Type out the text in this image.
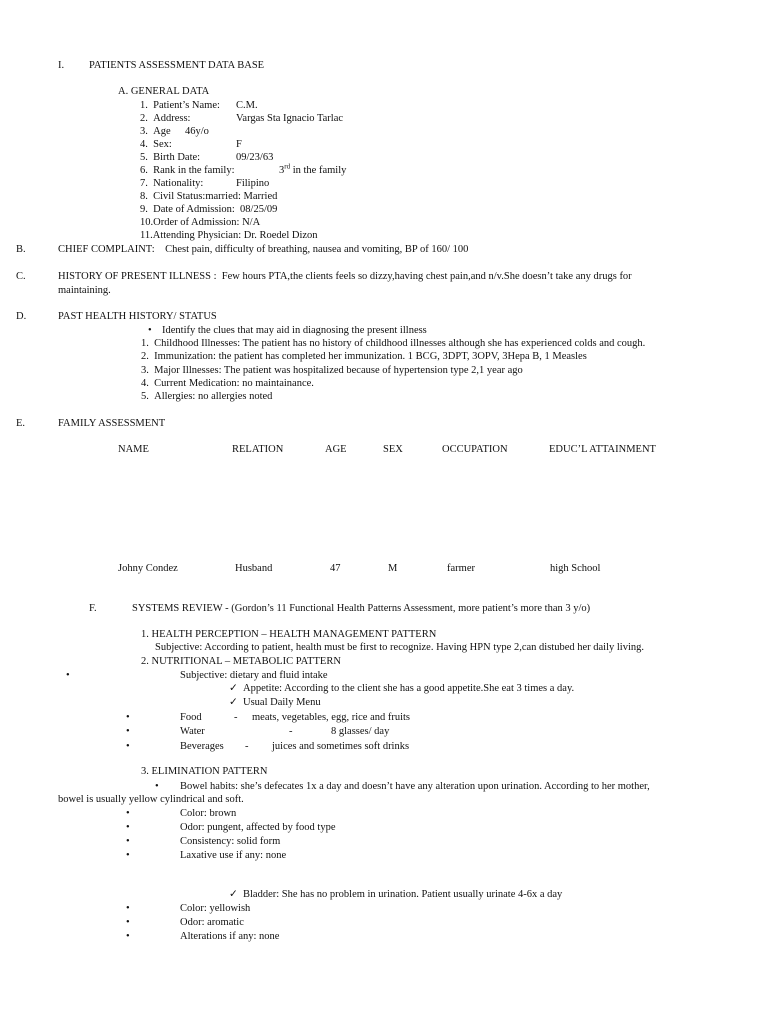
I. PATIENTS ASSESSMENT DATA BASE
A. GENERAL DATA
1. Patient’s Name: C.M.
2. Address:	Vargas Sta Ignacio Tarlac
3. Age 46y/o
4. Sex:	F
5. Birth Date:	09/23/63
6. Rank in the family:	3rd in the family
7. Nationality:	Filipino
8. Civil Status:married: Married
9. Date of Admission:  08/25/09
10.Order of Admission: N/A
11.Attending Physician: Dr. Roedel Dizon
B.	CHIEF COMPLAINT: Chest pain, difficulty of breathing, nausea and vomiting, BP of 160/ 100
C.	HISTORY OF PRESENT ILLNESS : Few hours PTA,the clients feels so dizzy,having chest pain,and n/v.She doesn’t take any drugs for
maintaining.
D.	PAST HEALTH HISTORY/ STATUS
• Identify the clues that may aid in diagnosing the present illness
1. Childhood Illnesses: The patient has no history of childhood illnesses although she has experienced colds and cough.
2. Immunization: the patient has completed her immunization. 1 BCG, 3DPT, 3OPV, 3Hepa B, 1 Measles
3. Major Illnesses: The patient was hospitalized because of hypertension type 2,1 year ago
4. Current Medication: no maintainance.
5. Allergies: no allergies noted
E.	FAMILY ASSESSMENT
NAME	RELATION	AGE	SEX	OCCUPATION	EDUC’L ATTAINMENT
Johny Condez	Husband	47	M	farmer	high School
F.	SYSTEMS REVIEW - (Gordon’s 11 Functional Health Patterns Assessment, more patient’s more than 3 y/o)
1. HEALTH PERCEPTION – HEALTH MANAGEMENT PATTERN
Subjective: According to patient, health must be first to recognize. Having HPN type 2,can distubed her daily living.
2. NUTRITIONAL – METABOLIC PATTERN
•	Subjective: dietary and fluid intake
✓ Appetite: According to the client she has a good appetite.She eat 3 times a day.
✓ Usual Daily Menu
•	Food	- meats, vegetables, egg, rice and fruits
•	Water	-	8 glasses/ day
•	Beverages - juices and sometimes soft drinks
3. ELIMINATION PATTERN
• Bowel habits: she’s defecates 1x a day and doesn’t have any alteration upon urination. According to her mother,
bowel is usually yellow cylindrical and soft.
•	Color: brown
•	Odor: pungent, affected by food type
•	Consistency: solid form
•	Laxative use if any: none
✓ Bladder: She has no problem in urination. Patient usually urinate 4-6x a day
•	Color: yellowish
•	Odor: aromatic
•	Alterations if any: none
